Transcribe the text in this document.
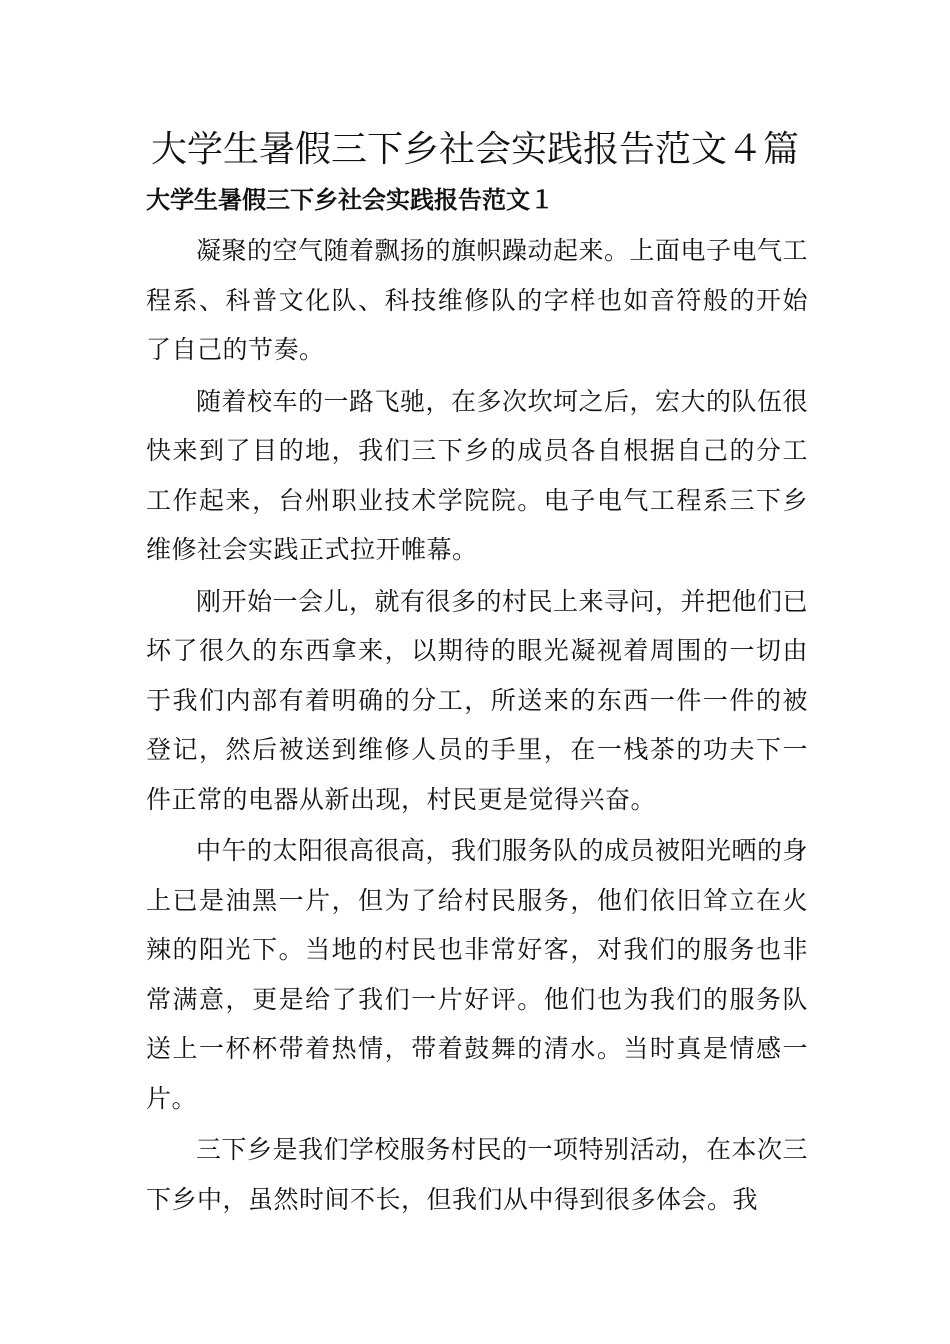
大学生暑假三下乡社会实践报告范文４篇
大学生暑假三下乡社会实践报告范文１

凝聚的空气随着飘扬的旗帜躁动起来。上面电子电气工程系、科普文化队、科技维修队的字样也如音符般的开始了自己的节奏。

随着校车的一路飞驰，在多次坎坷之后，宏大的队伍很快来到了目的地，我们三下乡的成员各自根据自己的分工工作起来，台州职业技术学院院。电子电气工程系三下乡维修社会实践正式拉开帷幕。

刚开始一会儿，就有很多的村民上来寻问，并把他们已坏了很久的东西拿来，以期待的眼光凝视着周围的一切由于我们内部有着明确的分工，所送来的东西一件一件的被登记，然后被送到维修人员的手里，在一栈茶的功夫下一件正常的电器从新出现，村民更是觉得兴奋。

中午的太阳很高很高，我们服务队的成员被阳光晒的身上已是油黑一片，但为了给村民服务，他们依旧耸立在火辣的阳光下。当地的村民也非常好客，对我们的服务也非常满意，更是给了我们一片好评。他们也为我们的服务队送上一杯杯带着热情，带着鼓舞的清水。当时真是情感一片。

三下乡是我们学校服务村民的一项特别活动，在本次三下乡中，虽然时间不长，但我们从中得到很多体会。我
